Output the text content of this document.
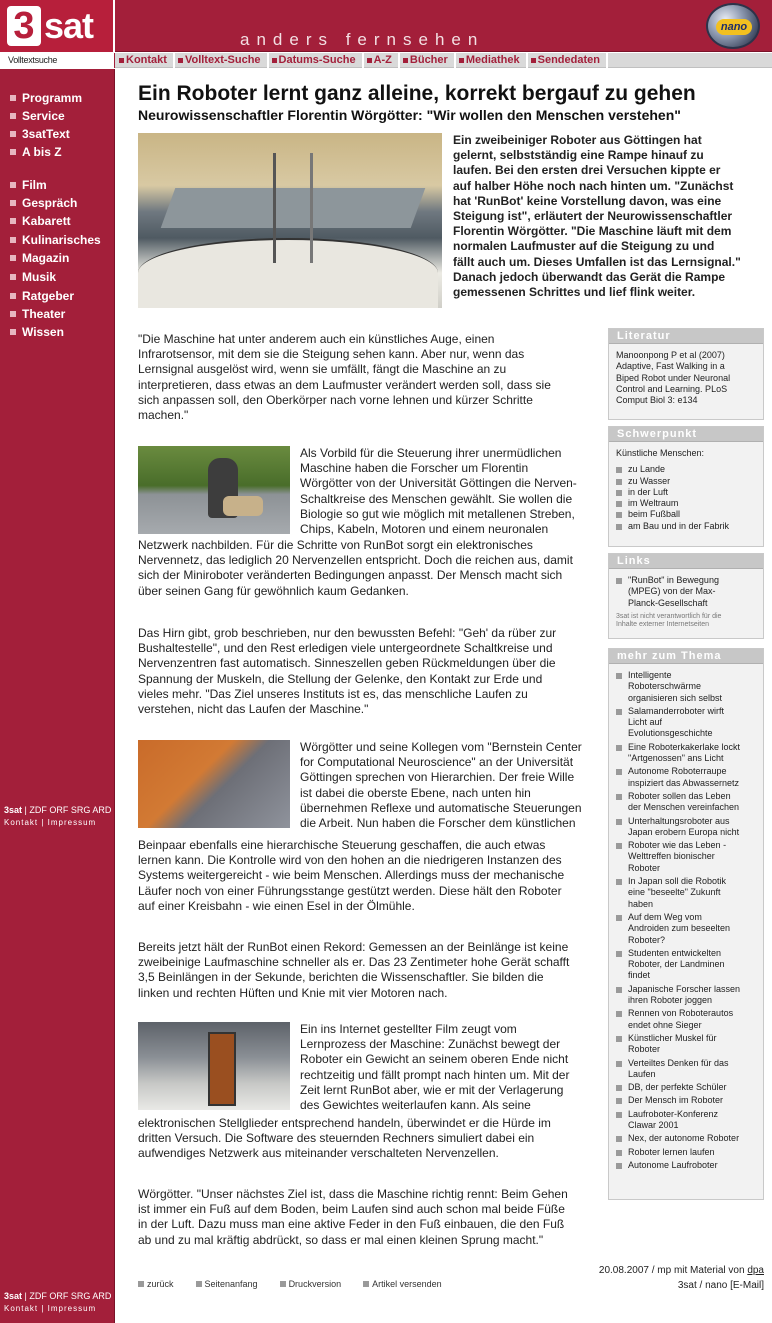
3 sat	anders fernsehen
nano
Volltextsuche	Kontakt	Volltext-Suche	Datums-Suche	A-Z	Bücher	Mediathek	Sendedaten
Programm
Service
3satText
A bis Z
Film
Gespräch
Kabarett
Kulinarisches
Magazin
Musik
Ratgeber
Theater
Wissen
3sat | ZDF ORF SRG ARD
Kontakt | Impressum
3sat | ZDF ORF SRG ARD
Kontakt | Impressum
Ein Roboter lernt ganz alleine, korrekt bergauf zu gehen
Neurowissenschaftler Florentin Wörgötter: "Wir wollen den Menschen verstehen"
Ein zweibeiniger Roboter aus Göttingen hat
gelernt, selbstständig eine Rampe hinauf zu
laufen. Bei den ersten drei Versuchen kippte er
auf halber Höhe noch nach hinten um. "Zunächst
hat 'RunBot' keine Vorstellung davon, was eine
Steigung ist", erläutert der Neurowissenschaftler
Florentin Wörgötter. "Die Maschine läuft mit dem
normalen Laufmuster auf die Steigung zu und
fällt auch um. Dieses Umfallen ist das Lernsignal."
Danach jedoch überwandt das Gerät die Rampe
gemessenen Schrittes und lief flink weiter.
"Die Maschine hat unter anderem auch ein künstliches Auge, einen
Infrarotsensor, mit dem sie die Steigung sehen kann. Aber nur, wenn das
Lernsignal ausgelöst wird, wenn sie umfällt, fängt die Maschine an zu
interpretieren, dass etwas an dem Laufmuster verändert werden soll, dass sie
sich anpassen soll, den Oberkörper nach vorne lehnen und kürzer Schritte
machen."
Als Vorbild für die Steuerung ihrer unermüdlichen
Maschine haben die Forscher um Florentin
Wörgötter von der Universität Göttingen die Nerven-
Schaltkreise des Menschen gewählt. Sie wollen die
Biologie so gut wie möglich mit metallenen Streben,
Chips, Kabeln, Motoren und einem neuronalen
Netzwerk nachbilden. Für die Schritte von RunBot sorgt ein elektronisches
Nervennetz, das lediglich 20 Nervenzellen entspricht. Doch die reichen aus, damit
sich der Miniroboter veränderten Bedingungen anpasst. Der Mensch macht sich
über seinen Gang für gewöhnlich kaum Gedanken.
Das Hirn gibt, grob beschrieben, nur den bewussten Befehl: "Geh' da rüber zur
Bushaltestelle", und den Rest erledigen viele untergeordnete Schaltkreise und
Nervenzentren fast automatisch. Sinneszellen geben Rückmeldungen über die
Spannung der Muskeln, die Stellung der Gelenke, den Kontakt zur Erde und
vieles mehr. "Das Ziel unseres Instituts ist es, das menschliche Laufen zu
verstehen, nicht das Laufen der Maschine."
Wörgötter und seine Kollegen vom "Bernstein Center
for Computational Neuroscience" an der Universität
Göttingen sprechen von Hierarchien. Der freie Wille
ist dabei die oberste Ebene, nach unten hin
übernehmen Reflexe und automatische Steuerungen
die Arbeit. Nun haben die Forscher dem künstlichen
Beinpaar ebenfalls eine hierarchische Steuerung geschaffen, die auch etwas
lernen kann. Die Kontrolle wird von den hohen an die niedrigeren Instanzen des
Systems weitergereicht - wie beim Menschen. Allerdings muss der mechanische
Läufer noch von einer Führungsstange gestützt werden. Diese hält den Roboter
auf einer Kreisbahn - wie einen Esel in der Ölmühle.
Bereits jetzt hält der RunBot einen Rekord: Gemessen an der Beinlänge ist keine
zweibeinige Laufmaschine schneller als er. Das 23 Zentimeter hohe Gerät schafft
3,5 Beinlängen in der Sekunde, berichten die Wissenschaftler. Sie bilden die
linken und rechten Hüften und Knie mit vier Motoren nach.
Ein ins Internet gestellter Film zeugt vom
Lernprozess der Maschine: Zunächst bewegt der
Roboter ein Gewicht an seinem oberen Ende nicht
rechtzeitig und fällt prompt nach hinten um. Mit der
Zeit lernt RunBot aber, wie er mit der Verlagerung
des Gewichtes weiterlaufen kann. Als seine
elektronischen Stellglieder entsprechend handeln, überwindet er die Hürde im
dritten Versuch. Die Software des steuernden Rechners simuliert dabei ein
aufwendiges Netzwerk aus miteinander verschalteten Nervenzellen.
Wörgötter. "Unser nächstes Ziel ist, dass die Maschine richtig rennt: Beim Gehen
ist immer ein Fuß auf dem Boden, beim Laufen sind auch schon mal beide Füße
in der Luft. Dazu muss man eine aktive Feder in den Fuß einbauen, die den Fuß
ab und zu mal kräftig abdrückt, so dass er mal einen kleinen Sprung macht."
20.08.2007 / mp mit Material von dpa
3sat / nano [E-Mail]
zurück	Seitenanfang	Druckversion	Artikel versenden
Literatur
Manoonpong P et al (2007)
Adaptive, Fast Walking in a
Biped Robot under Neuronal
Control and Learning. PLoS
Comput Biol 3: e134
Schwerpunkt
Künstliche Menschen:
zu Lande
zu Wasser
in der Luft
im Weltraum
beim Fußball
am Bau und in der Fabrik
Links
"RunBot" in Bewegung
(MPEG) von der Max-
Planck-Gesellschaft
3sat ist nicht verantwortlich für die
Inhalte externer Internetseiten
mehr zum Thema
Intelligente
Roboterschwärme
organisieren sich selbst
Salamanderroboter wirft
Licht auf
Evolutionsgeschichte
Eine Roboterkakerlake lockt
"Artgenossen" ans Licht
Autonome Roboterraupe
inspiziert das Abwassernetz
Roboter sollen das Leben
der Menschen vereinfachen
Unterhaltungsroboter aus
Japan erobern Europa nicht
Roboter wie das Leben -
Welttreffen bionischer
Roboter
In Japan soll die Robotik
eine "beseelte" Zukunft
haben
Auf dem Weg vom
Androiden zum beseelten
Roboter?
Studenten entwickelten
Roboter, der Landminen
findet
Japanische Forscher lassen
ihren Roboter joggen
Rennen von Roboterautos
endet ohne Sieger
Künstlicher Muskel für
Roboter
Verteiltes Denken für das
Laufen
DB, der perfekte Schüler
Der Mensch im Roboter
Laufroboter-Konferenz
Clawar 2001
Nex, der autonome Roboter
Roboter lernen laufen
Autonome Laufroboter
